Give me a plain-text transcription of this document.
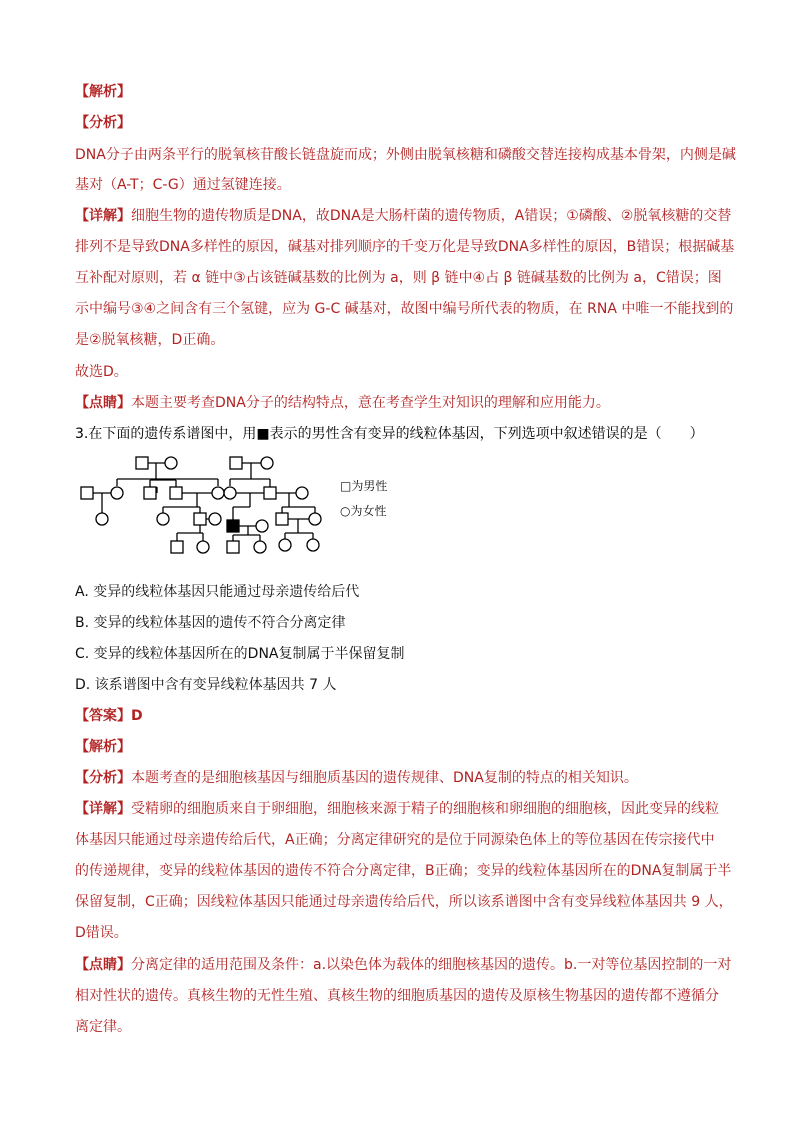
【解析】
【分析】
DNA分子由两条平行的脱氧核苷酸长链盘旋而成；外侧由脱氧核糖和磷酸交替连接构成基本骨架，内侧是碱
基对（A-T；C-G）通过氢键连接。
【详解】细胞生物的遗传物质是DNA，故DNA是大肠杆菌的遗传物质，A错误；①磷酸、②脱氧核糖的交替
排列不是导致DNA多样性的原因，碱基对排列顺序的千变万化是导致DNA多样性的原因，B错误；根据碱基
互补配对原则，若 α 链中③占该链碱基数的比例为 a，则 β 链中④占 β 链碱基数的比例为 a，C错误；图
示中编号③④之间含有三个氢键，应为 G-C 碱基对，故图中编号所代表的物质，在 RNA 中唯一不能找到的
是②脱氧核糖，D正确。
故选D。
【点睛】本题主要考查DNA分子的结构特点，意在考查学生对知识的理解和应用能力。
3.在下面的遗传系谱图中，用■表示的男性含有变异的线粒体基因，下列选项中叙述错误的是（　　）
□为男性
○为女性
A. 变异的线粒体基因只能通过母亲遗传给后代
B. 变异的线粒体基因的遗传不符合分离定律
C. 变异的线粒体基因所在的DNA复制属于半保留复制
D. 该系谱图中含有变异线粒体基因共 7 人
【答案】D
【解析】
【分析】本题考查的是细胞核基因与细胞质基因的遗传规律、DNA复制的特点的相关知识。
【详解】受精卵的细胞质来自于卵细胞，细胞核来源于精子的细胞核和卵细胞的细胞核，因此变异的线粒
体基因只能通过母亲遗传给后代，A正确；分离定律研究的是位于同源染色体上的等位基因在传宗接代中
的传递规律，变异的线粒体基因的遗传不符合分离定律，B正确；变异的线粒体基因所在的DNA复制属于半
保留复制，C正确；因线粒体基因只能通过母亲遗传给后代，所以该系谱图中含有变异线粒体基因共 9 人，
D错误。
【点睛】分离定律的适用范围及条件：a.以染色体为载体的细胞核基因的遗传。b.一对等位基因控制的一对
相对性状的遗传。真核生物的无性生殖、真核生物的细胞质基因的遗传及原核生物基因的遗传都不遵循分
离定律。
